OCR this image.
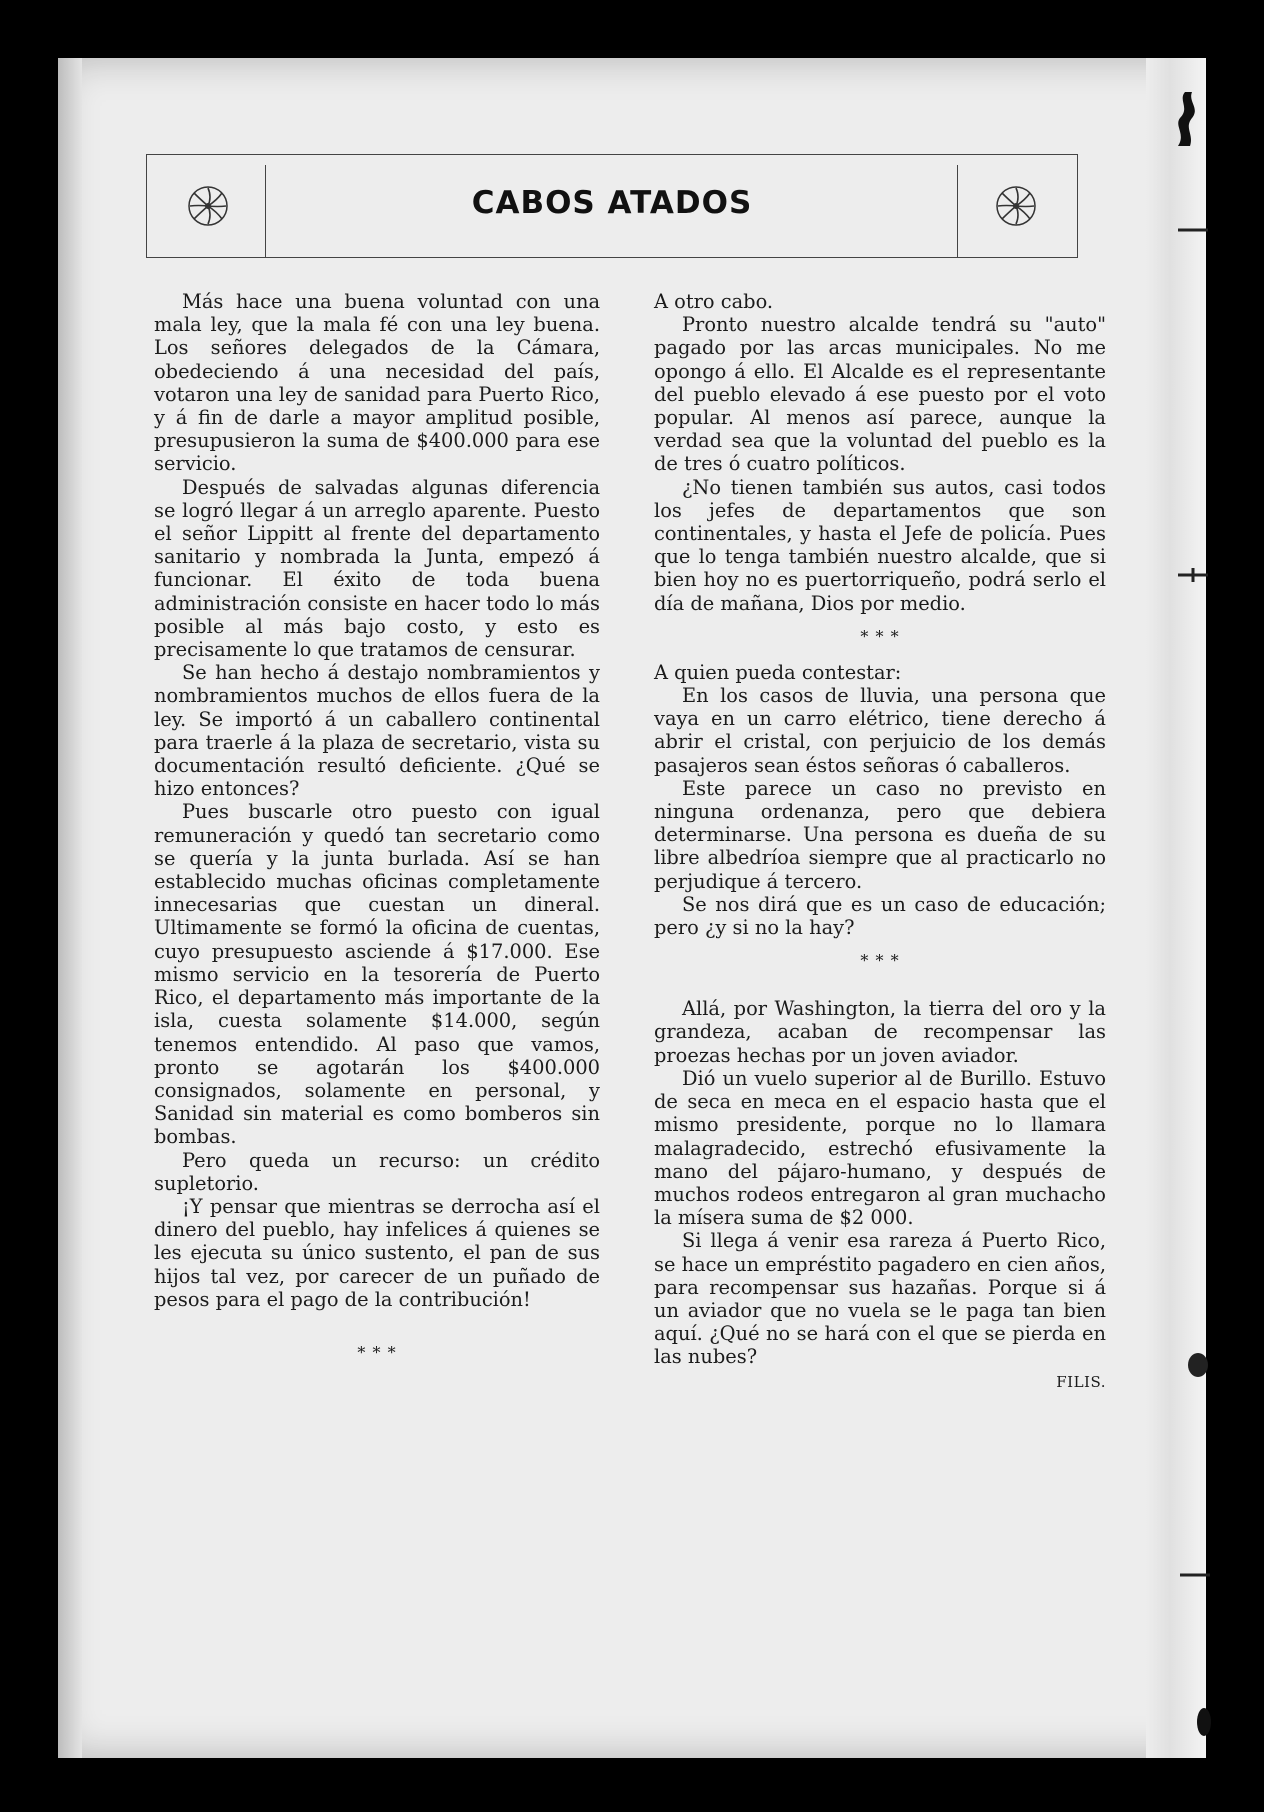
CABOS ATADOS

Más hace una buena voluntad con una mala ley, que la mala fé con una ley buena. Los señores delegados de la Cámara, obedeciendo á una necesidad del país, votaron una ley de sanidad para Puerto Rico, y á fin de darle a mayor amplitud posible, presupusieron la suma de $400.000 para ese servicio.

Después de salvadas algunas diferencia se logró llegar á un arreglo aparente. Puesto el señor Lippitt al frente del departamento sanitario y nombrada la Junta, empezó á funcionar. El éxito de toda buena administración consiste en hacer todo lo más posible al más bajo costo, y esto es precisamente lo que tratamos de censurar.

Se han hecho á destajo nombramientos y nombramientos muchos de ellos fuera de la ley. Se importó á un caballero continental para traerle á la plaza de secretario, vista su documentación resultó deficiente. ¿Qué se hizo entonces?

Pues buscarle otro puesto con igual remuneración y quedó tan secretario como se quería y la junta burlada. Así se han establecido muchas oficinas completamente innecesarias que cuestan un dineral. Ultimamente se formó la oficina de cuentas, cuyo presupuesto asciende á $17.000. Ese mismo servicio en la tesorería de Puerto Rico, el departamento más importante de la isla, cuesta solamente $14.000, según tenemos entendido. Al paso que vamos, pronto se agotarán los $400.000 consignados, solamente en personal, y Sanidad sin material es como bomberos sin bombas.

Pero queda un recurso: un crédito supletorio.

¡Y pensar que mientras se derrocha así el dinero del pueblo, hay infelices á quienes se les ejecuta su único sustento, el pan de sus hijos tal vez, por carecer de un puñado de pesos para el pago de la contribución!

* * *

A otro cabo.

Pronto nuestro alcalde tendrá su "auto" pagado por las arcas municipales. No me opongo á ello. El Alcalde es el representante del pueblo elevado á ese puesto por el voto popular. Al menos así parece, aunque la verdad sea que la voluntad del pueblo es la de tres ó cuatro políticos.

¿No tienen también sus autos, casi todos los jefes de departamentos que son continentales, y hasta el Jefe de policía. Pues que lo tenga también nuestro alcalde, que si bien hoy no es puertorriqueño, podrá serlo el día de mañana, Dios por medio.

* * *

A quien pueda contestar:

En los casos de lluvia, una persona que vaya en un carro elétrico, tiene derecho á abrir el cristal, con perjuicio de los demás pasajeros sean éstos señoras ó caballeros.

Este parece un caso no previsto en ninguna ordenanza, pero que debiera determinarse. Una persona es dueña de su libre albedríoa siempre que al practicarlo no perjudique á tercero.

Se nos dirá que es un caso de educación; pero ¿y si no la hay?

* * *

Allá, por Washington, la tierra del oro y la grandeza, acaban de recompensar las proezas hechas por un joven aviador.

Dió un vuelo superior al de Burillo. Estuvo de seca en meca en el espacio hasta que el mismo presidente, porque no lo llamara malagradecido, estrechó efusivamente la mano del pájaro-humano, y después de muchos rodeos entregaron al gran muchacho la mísera suma de $2 000.

Si llega á venir esa rareza á Puerto Rico, se hace un empréstito pagadero en cien años, para recompensar sus hazañas. Porque si á un aviador que no vuela se le paga tan bien aquí. ¿Qué no se hará con el que se pierda en las nubes?

FILIS.
